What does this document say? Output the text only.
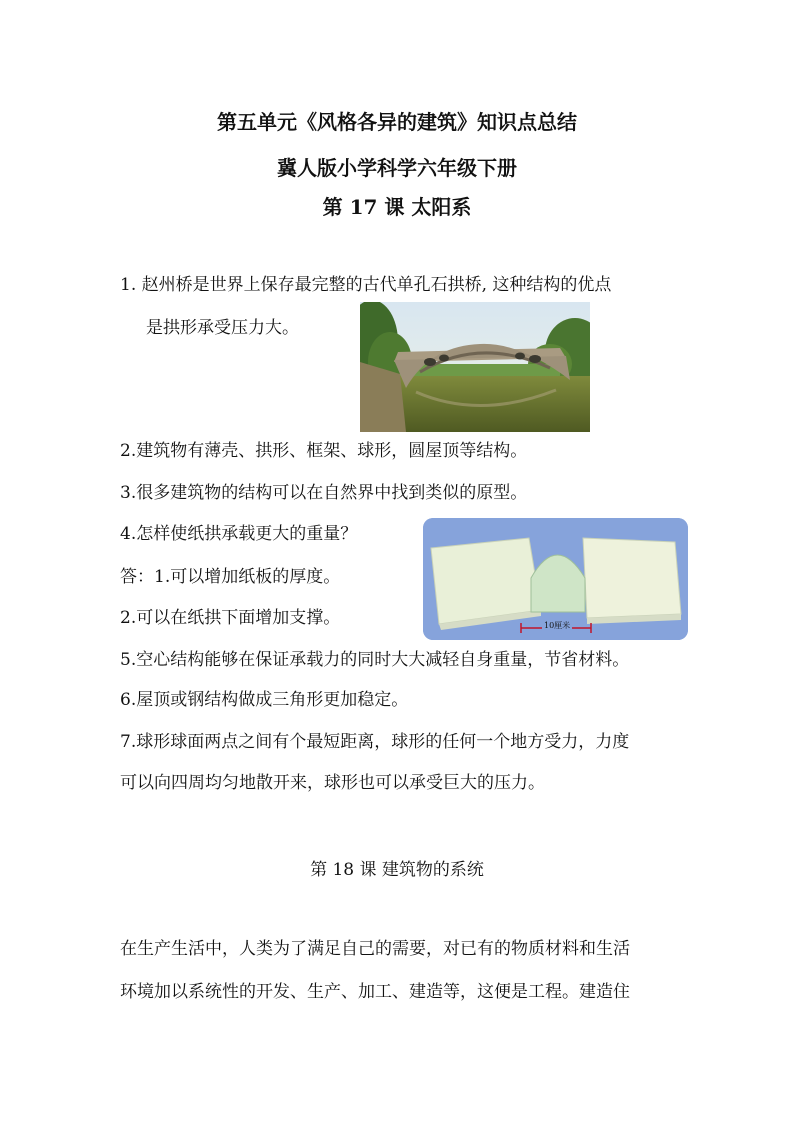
第五单元《风格各异的建筑》知识点总结
冀人版小学科学六年级下册
第 17 课 太阳系
1. 赵州桥是世界上保存最完整的古代单孔石拱桥, 这种结构的优点
是拱形承受压力大。
2.建筑物有薄壳、拱形、框架、球形，圆屋顶等结构。
3.很多建筑物的结构可以在自然界中找到类似的原型。
4.怎样使纸拱承载更大的重量？
答：1.可以增加纸板的厚度。
2.可以在纸拱下面增加支撑。	10厘米
5.空心结构能够在保证承载力的同时大大减轻自身重量，节省材料。
6.屋顶或钢结构做成三角形更加稳定。
7.球形球面两点之间有个最短距离，球形的任何一个地方受力，力度
可以向四周均匀地散开来，球形也可以承受巨大的压力。
第 18 课 建筑物的系统
在生产生活中，人类为了满足自己的需要，对已有的物质材料和生活
环境加以系统性的开发、生产、加工、建造等，这便是工程。建造住
